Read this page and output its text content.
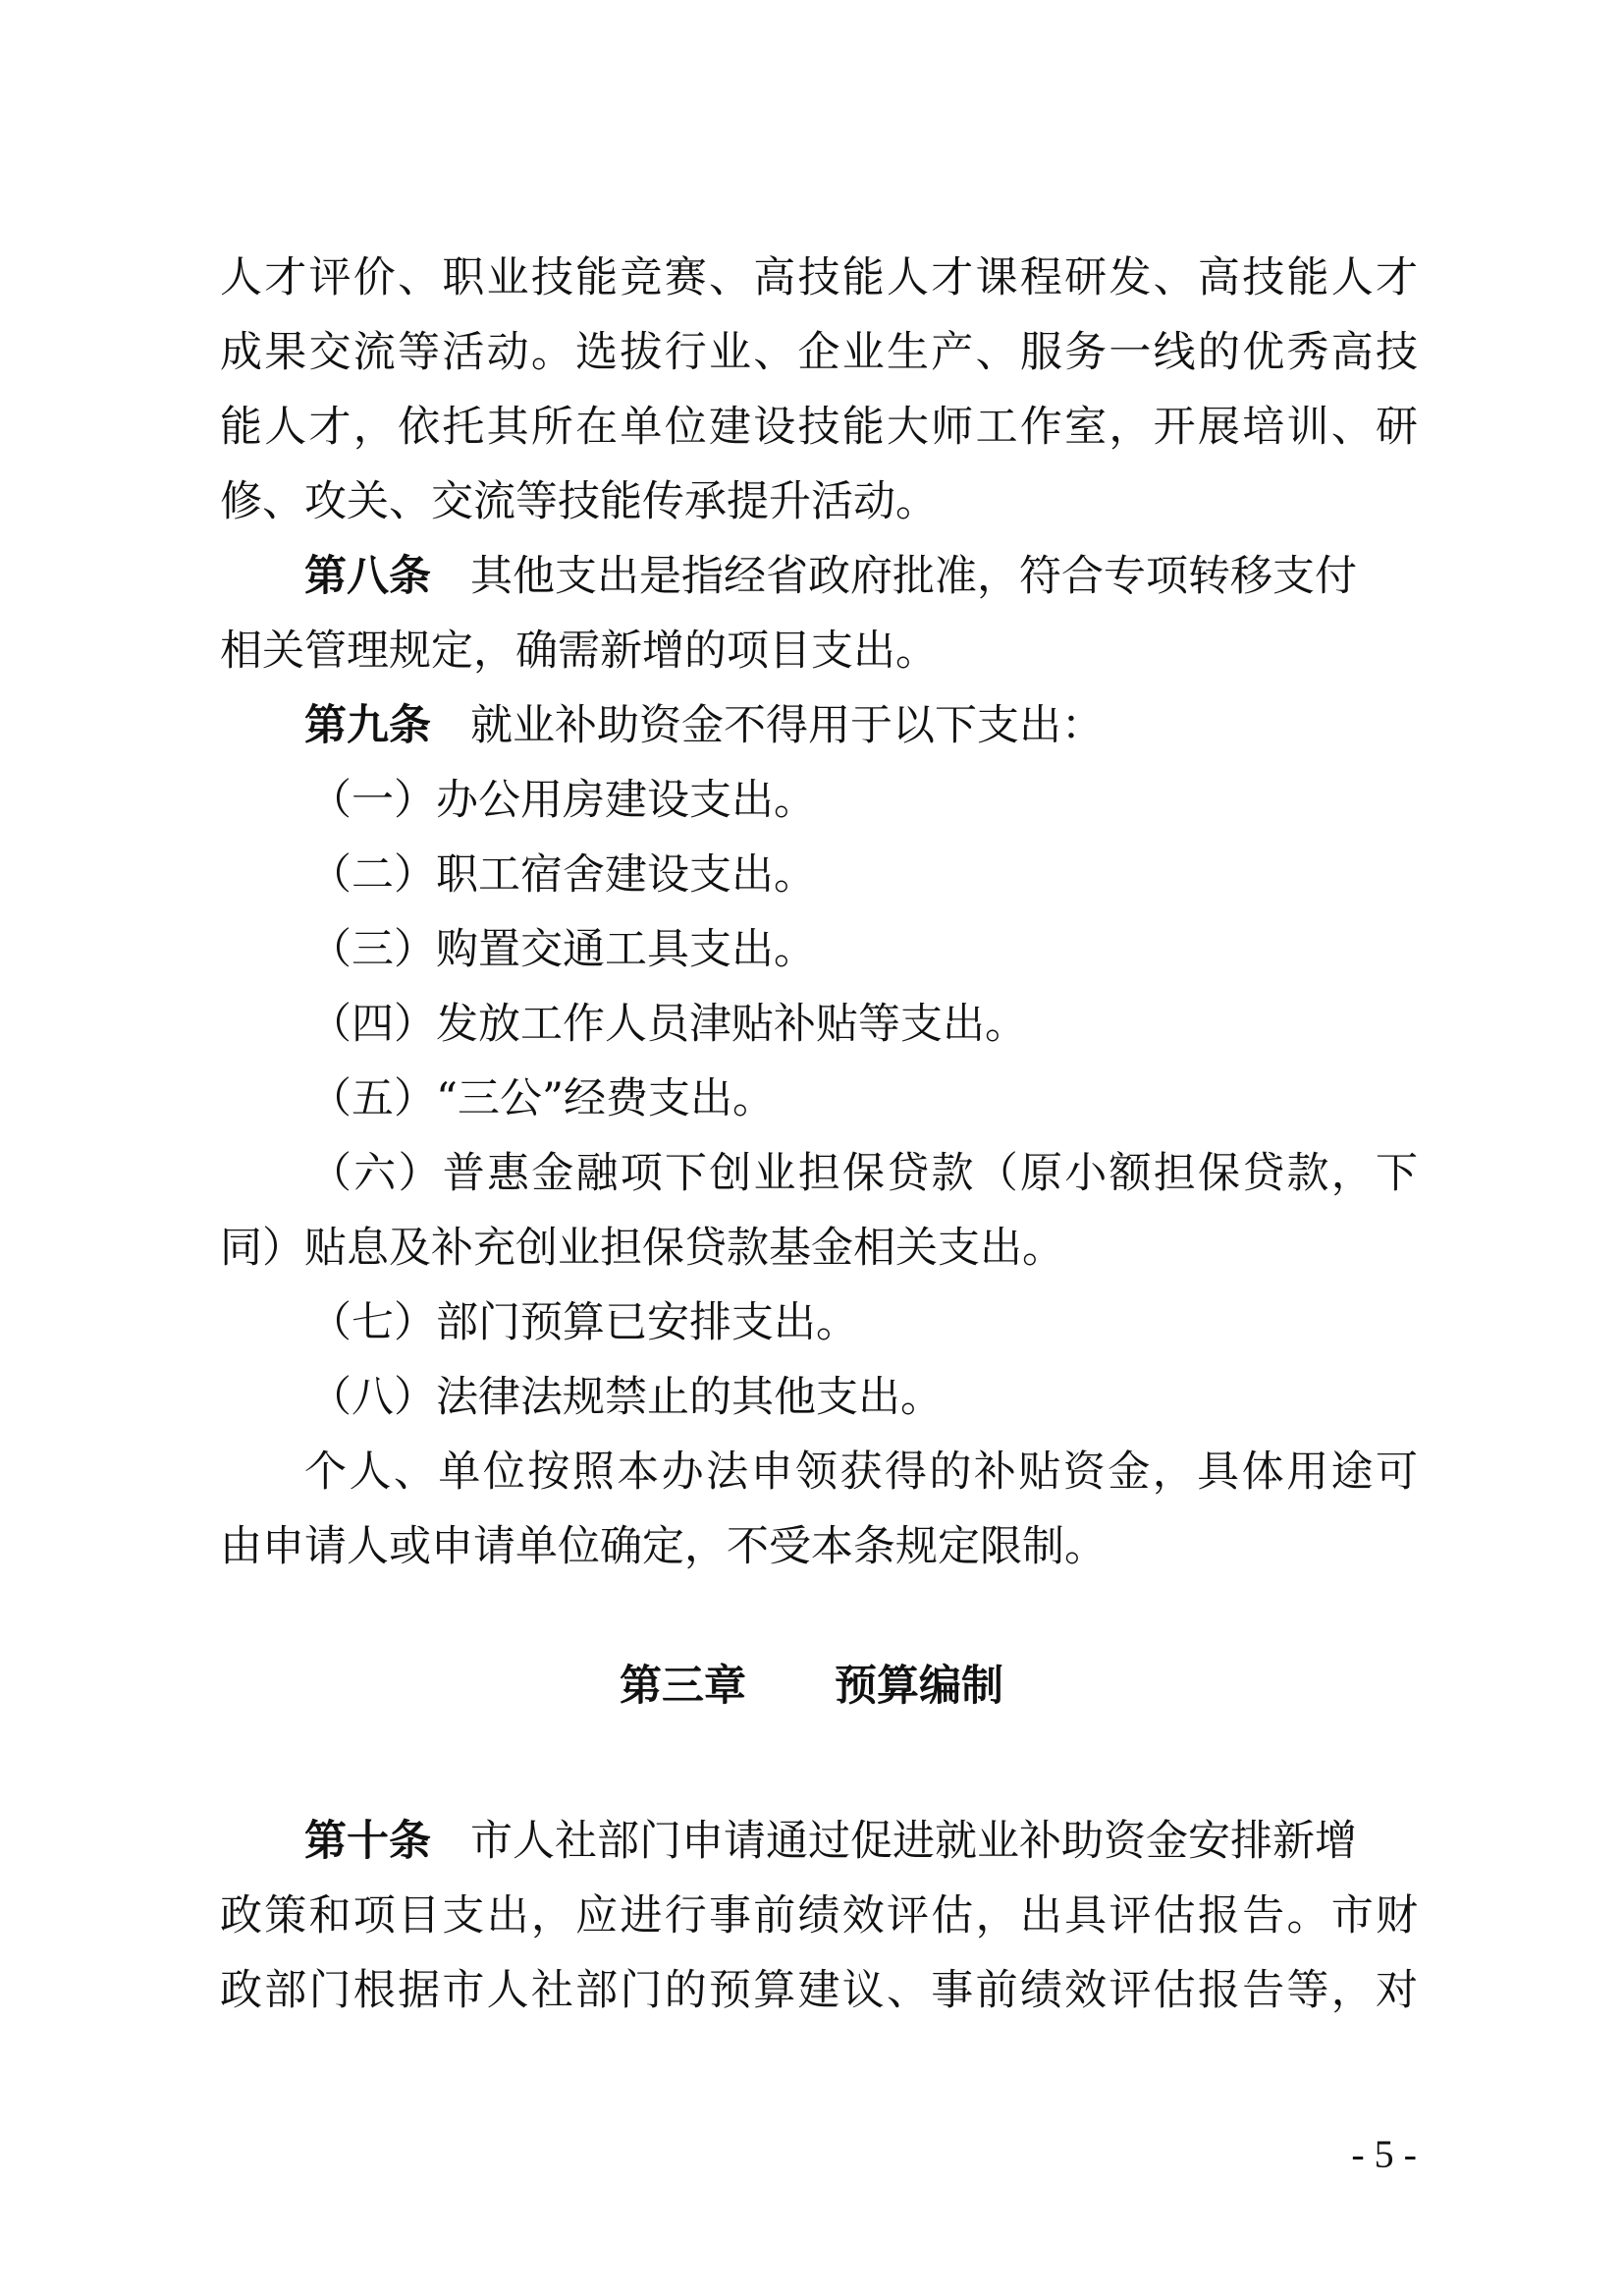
人才评价、职业技能竞赛、高技能人才课程研发、高技能人才
成果交流等活动。选拔行业、企业生产、服务一线的优秀高技
能人才，依托其所在单位建设技能大师工作室，开展培训、研
修、攻关、交流等技能传承提升活动。
第八条 其他支出是指经省政府批准，符合专项转移支付
相关管理规定，确需新增的项目支出。
第九条 就业补助资金不得用于以下支出：
（一）办公用房建设支出。
（二）职工宿舍建设支出。
（三）购置交通工具支出。
（四）发放工作人员津贴补贴等支出。
（五）“三公”经费支出。
（六）普惠金融项下创业担保贷款（原小额担保贷款，下
同）贴息及补充创业担保贷款基金相关支出。
（七）部门预算已安排支出。
（八）法律法规禁止的其他支出。
个人、单位按照本办法申领获得的补贴资金，具体用途可
由申请人或申请单位确定，不受本条规定限制。
第三章 预算编制
第十条 市人社部门申请通过促进就业补助资金安排新增
政策和项目支出，应进行事前绩效评估，出具评估报告。市财
政部门根据市人社部门的预算建议、事前绩效评估报告等，对
- 5 -
